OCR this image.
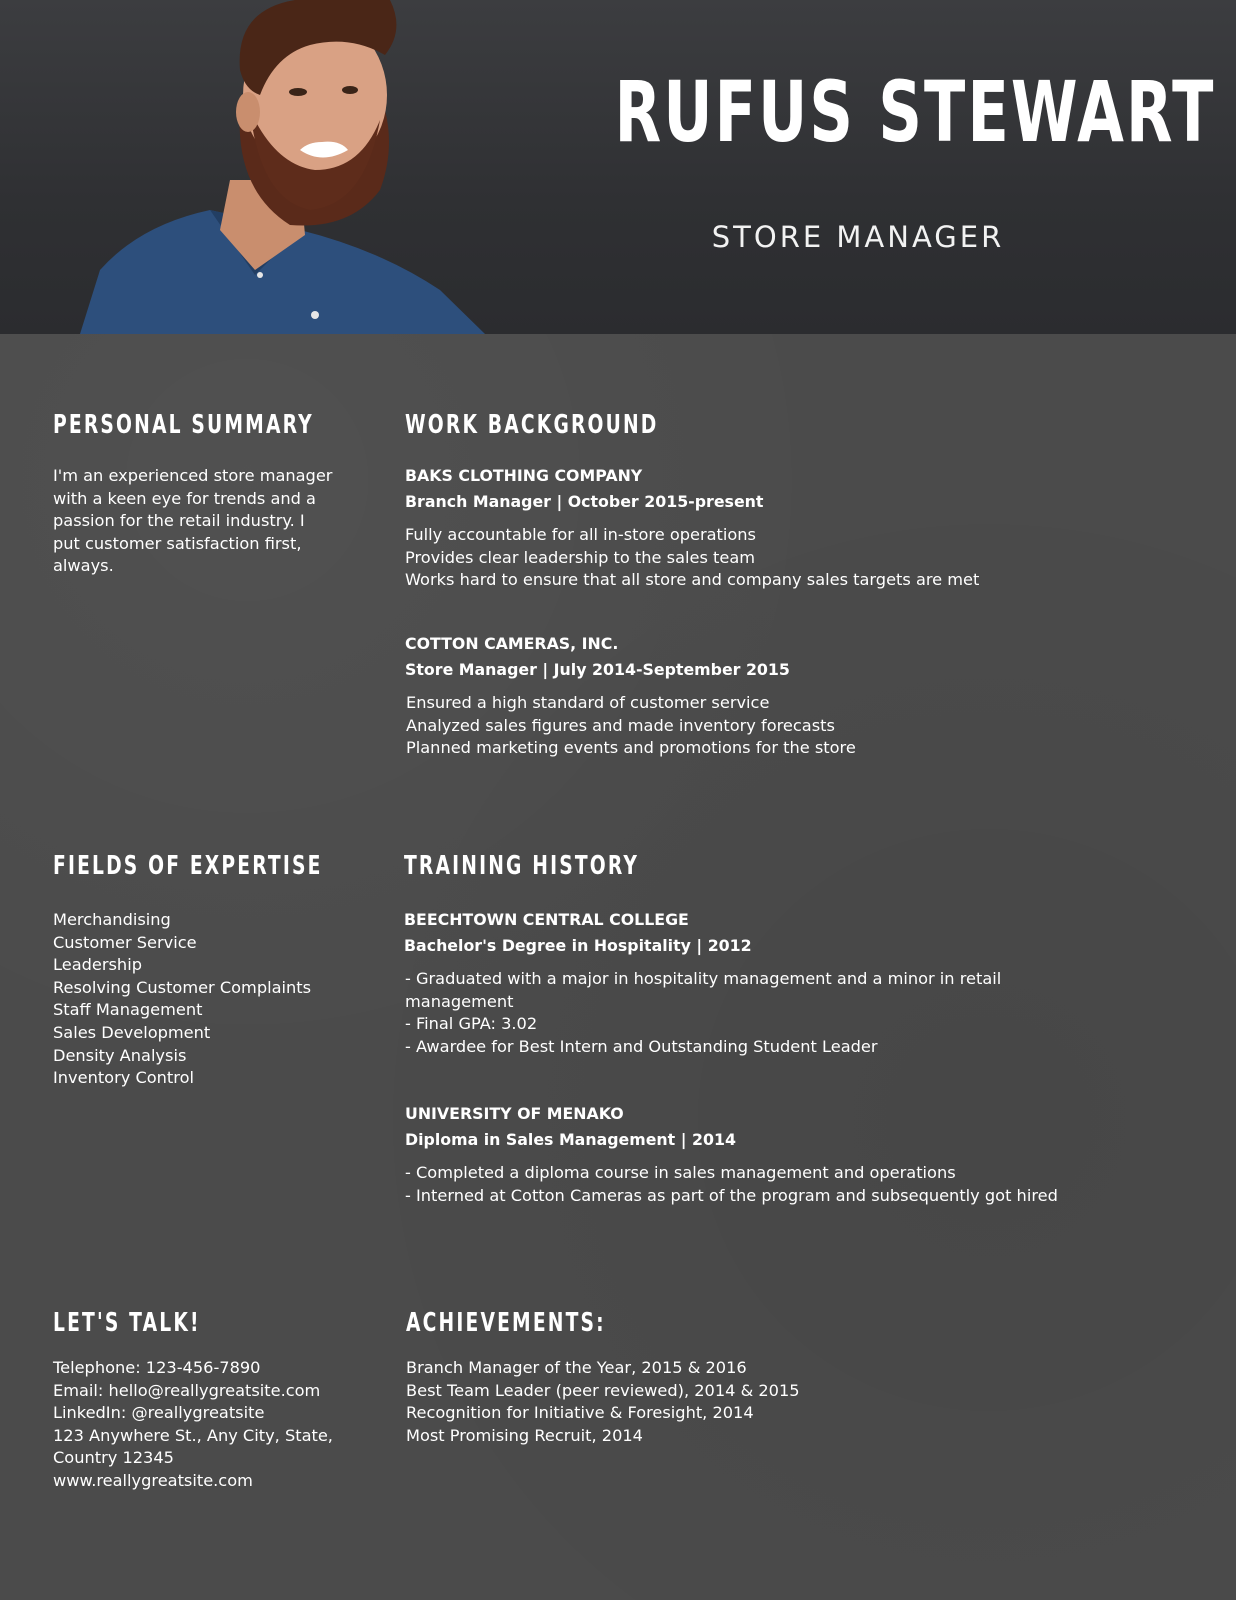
RUFUS STEWART
STORE MANAGER
PERSONAL SUMMARY
I'm an experienced store manager
with a keen eye for trends and a
passion for the retail industry. I
put customer satisfaction first,
always.
WORK BACKGROUND
BAKS CLOTHING COMPANY
Branch Manager | October 2015-present
Fully accountable for all in-store operations
Provides clear leadership to the sales team
Works hard to ensure that all store and company sales targets are met
COTTON CAMERAS, INC.
Store Manager | July 2014-September 2015
Ensured a high standard of customer service
Analyzed sales figures and made inventory forecasts
Planned marketing events and promotions for the store
FIELDS OF EXPERTISE
Merchandising
Customer Service
Leadership
Resolving Customer Complaints
Staff Management
Sales Development
Density Analysis
Inventory Control
TRAINING HISTORY
BEECHTOWN CENTRAL COLLEGE
Bachelor's Degree in Hospitality | 2012
- Graduated with a major in hospitality management and a minor in retail
management
- Final GPA: 3.02
- Awardee for Best Intern and Outstanding Student Leader
UNIVERSITY OF MENAKO
Diploma in Sales Management | 2014
- Completed a diploma course in sales management and operations
- Interned at Cotton Cameras as part of the program and subsequently got hired
LET'S TALK!
Telephone: 123-456-7890
Email: hello@reallygreatsite.com
LinkedIn: @reallygreatsite
123 Anywhere St., Any City, State,
Country 12345
www.reallygreatsite.com
ACHIEVEMENTS:
Branch Manager of the Year, 2015 & 2016
Best Team Leader (peer reviewed), 2014 & 2015
Recognition for Initiative & Foresight, 2014
Most Promising Recruit, 2014
